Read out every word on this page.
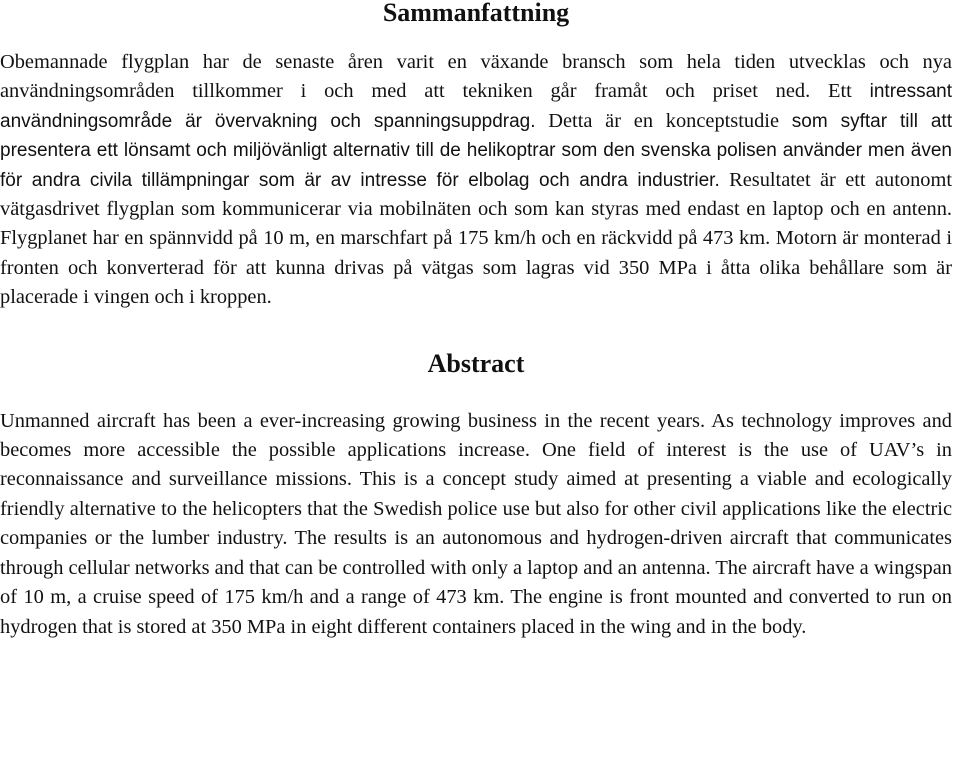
Sammanfattning

Obemannade flygplan har de senaste åren varit en växande bransch som hela tiden utvecklas och nya användningsområden tillkommer i och med att tekniken går framåt och priset ned. Ett intressant användningsområde är övervakning och spanningsuppdrag. Detta är en konceptstudie som syftar till att presentera ett lönsamt och miljövänligt alternativ till de helikoptrar som den svenska polisen använder men även för andra civila tillämpningar som är av intresse för elbolag och andra industrier. Resultatet är ett autonomt vätgasdrivet flygplan som kommunicerar via mobilnäten och som kan styras med endast en laptop och en antenn. Flygplanet har en spännvidd på 10 m, en marschfart på 175 km/h och en räckvidd på 473 km. Motorn är monterad i fronten och konverterad för att kunna drivas på vätgas som lagras vid 350 MPa i åtta olika behållare som är placerade i vingen och i kroppen.

Abstract

Unmanned aircraft has been a ever-increasing growing business in the recent years. As technology improves and becomes more accessible the possible applications increase. One field of interest is the use of UAV’s in reconnaissance and surveillance missions. This is a concept study aimed at presenting a viable and ecologically friendly alternative to the helicopters that the Swedish police use but also for other civil applications like the electric companies or the lumber industry. The results is an autonomous and hydrogen-driven aircraft that communicates through cellular networks and that can be controlled with only a laptop and an antenna. The aircraft have a wingspan of 10 m, a cruise speed of 175 km/h and a range of 473 km. The engine is front mounted and converted to run on hydrogen that is stored at 350 MPa in eight different containers placed in the wing and in the body.
